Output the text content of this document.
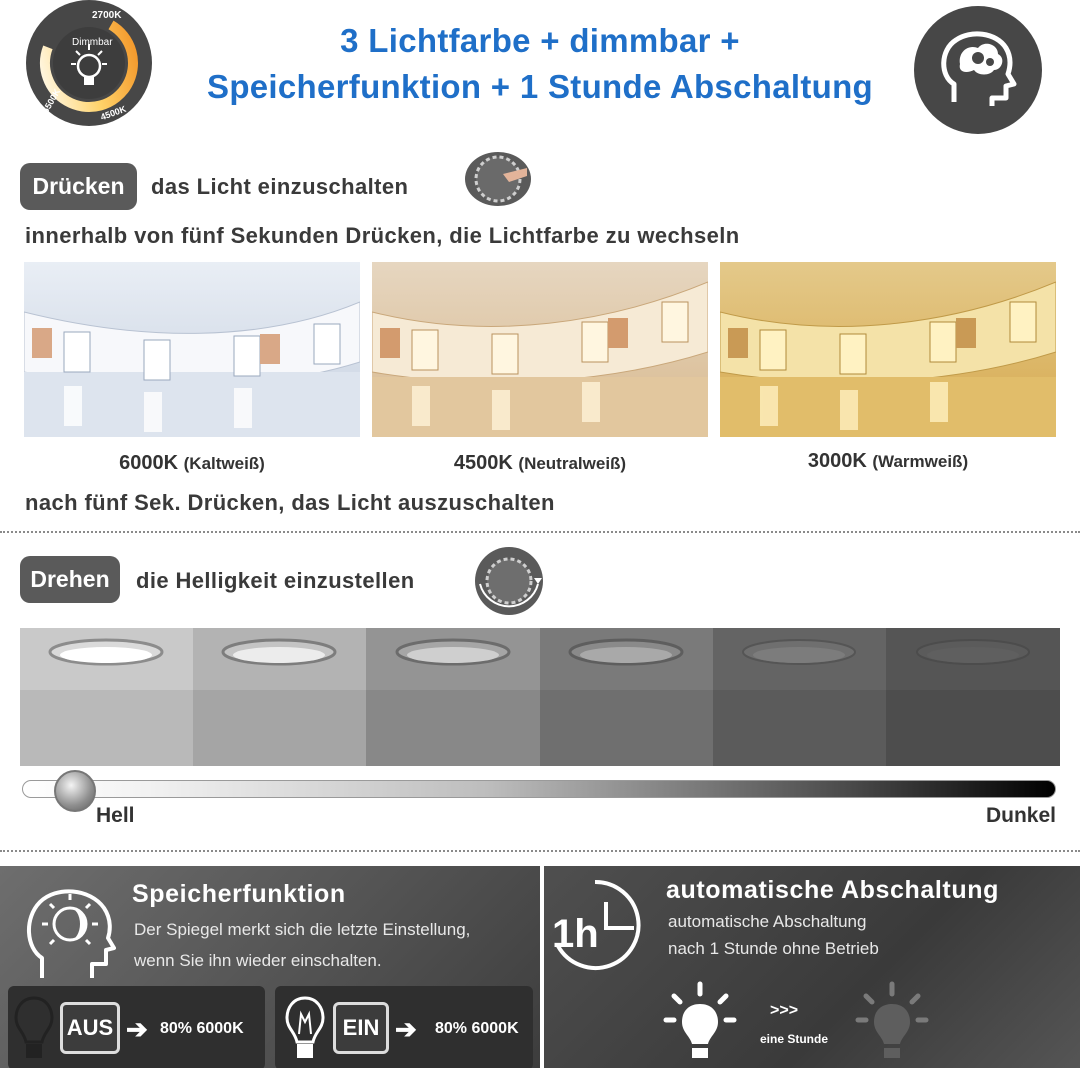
2700K
Dimmbar
6500K	4500K
3 Lichtfarbe + dimmbar +
Speicherfunktion + 1 Stunde Abschaltung
Drücken	das Licht einzuschalten
innerhalb von fünf Sekunden Drücken, die Lichtfarbe zu wechseln
6000K (Kaltweiß)	4500K (Neutralweiß)	3000K (Warmweiß)
nach fünf Sek. Drücken, das Licht auszuschalten
Drehen	die Helligkeit einzustellen
Hell	Dunkel
Speicherfunktion
Der Spiegel merkt sich die letzte Einstellung,
wenn Sie ihn wieder einschalten.
AUS ➔ 80% 6000K	EIN ➔ 80% 6000K
1h
automatische Abschaltung
automatische Abschaltung
nach 1 Stunde ohne Betrieb
>>>
eine Stunde
